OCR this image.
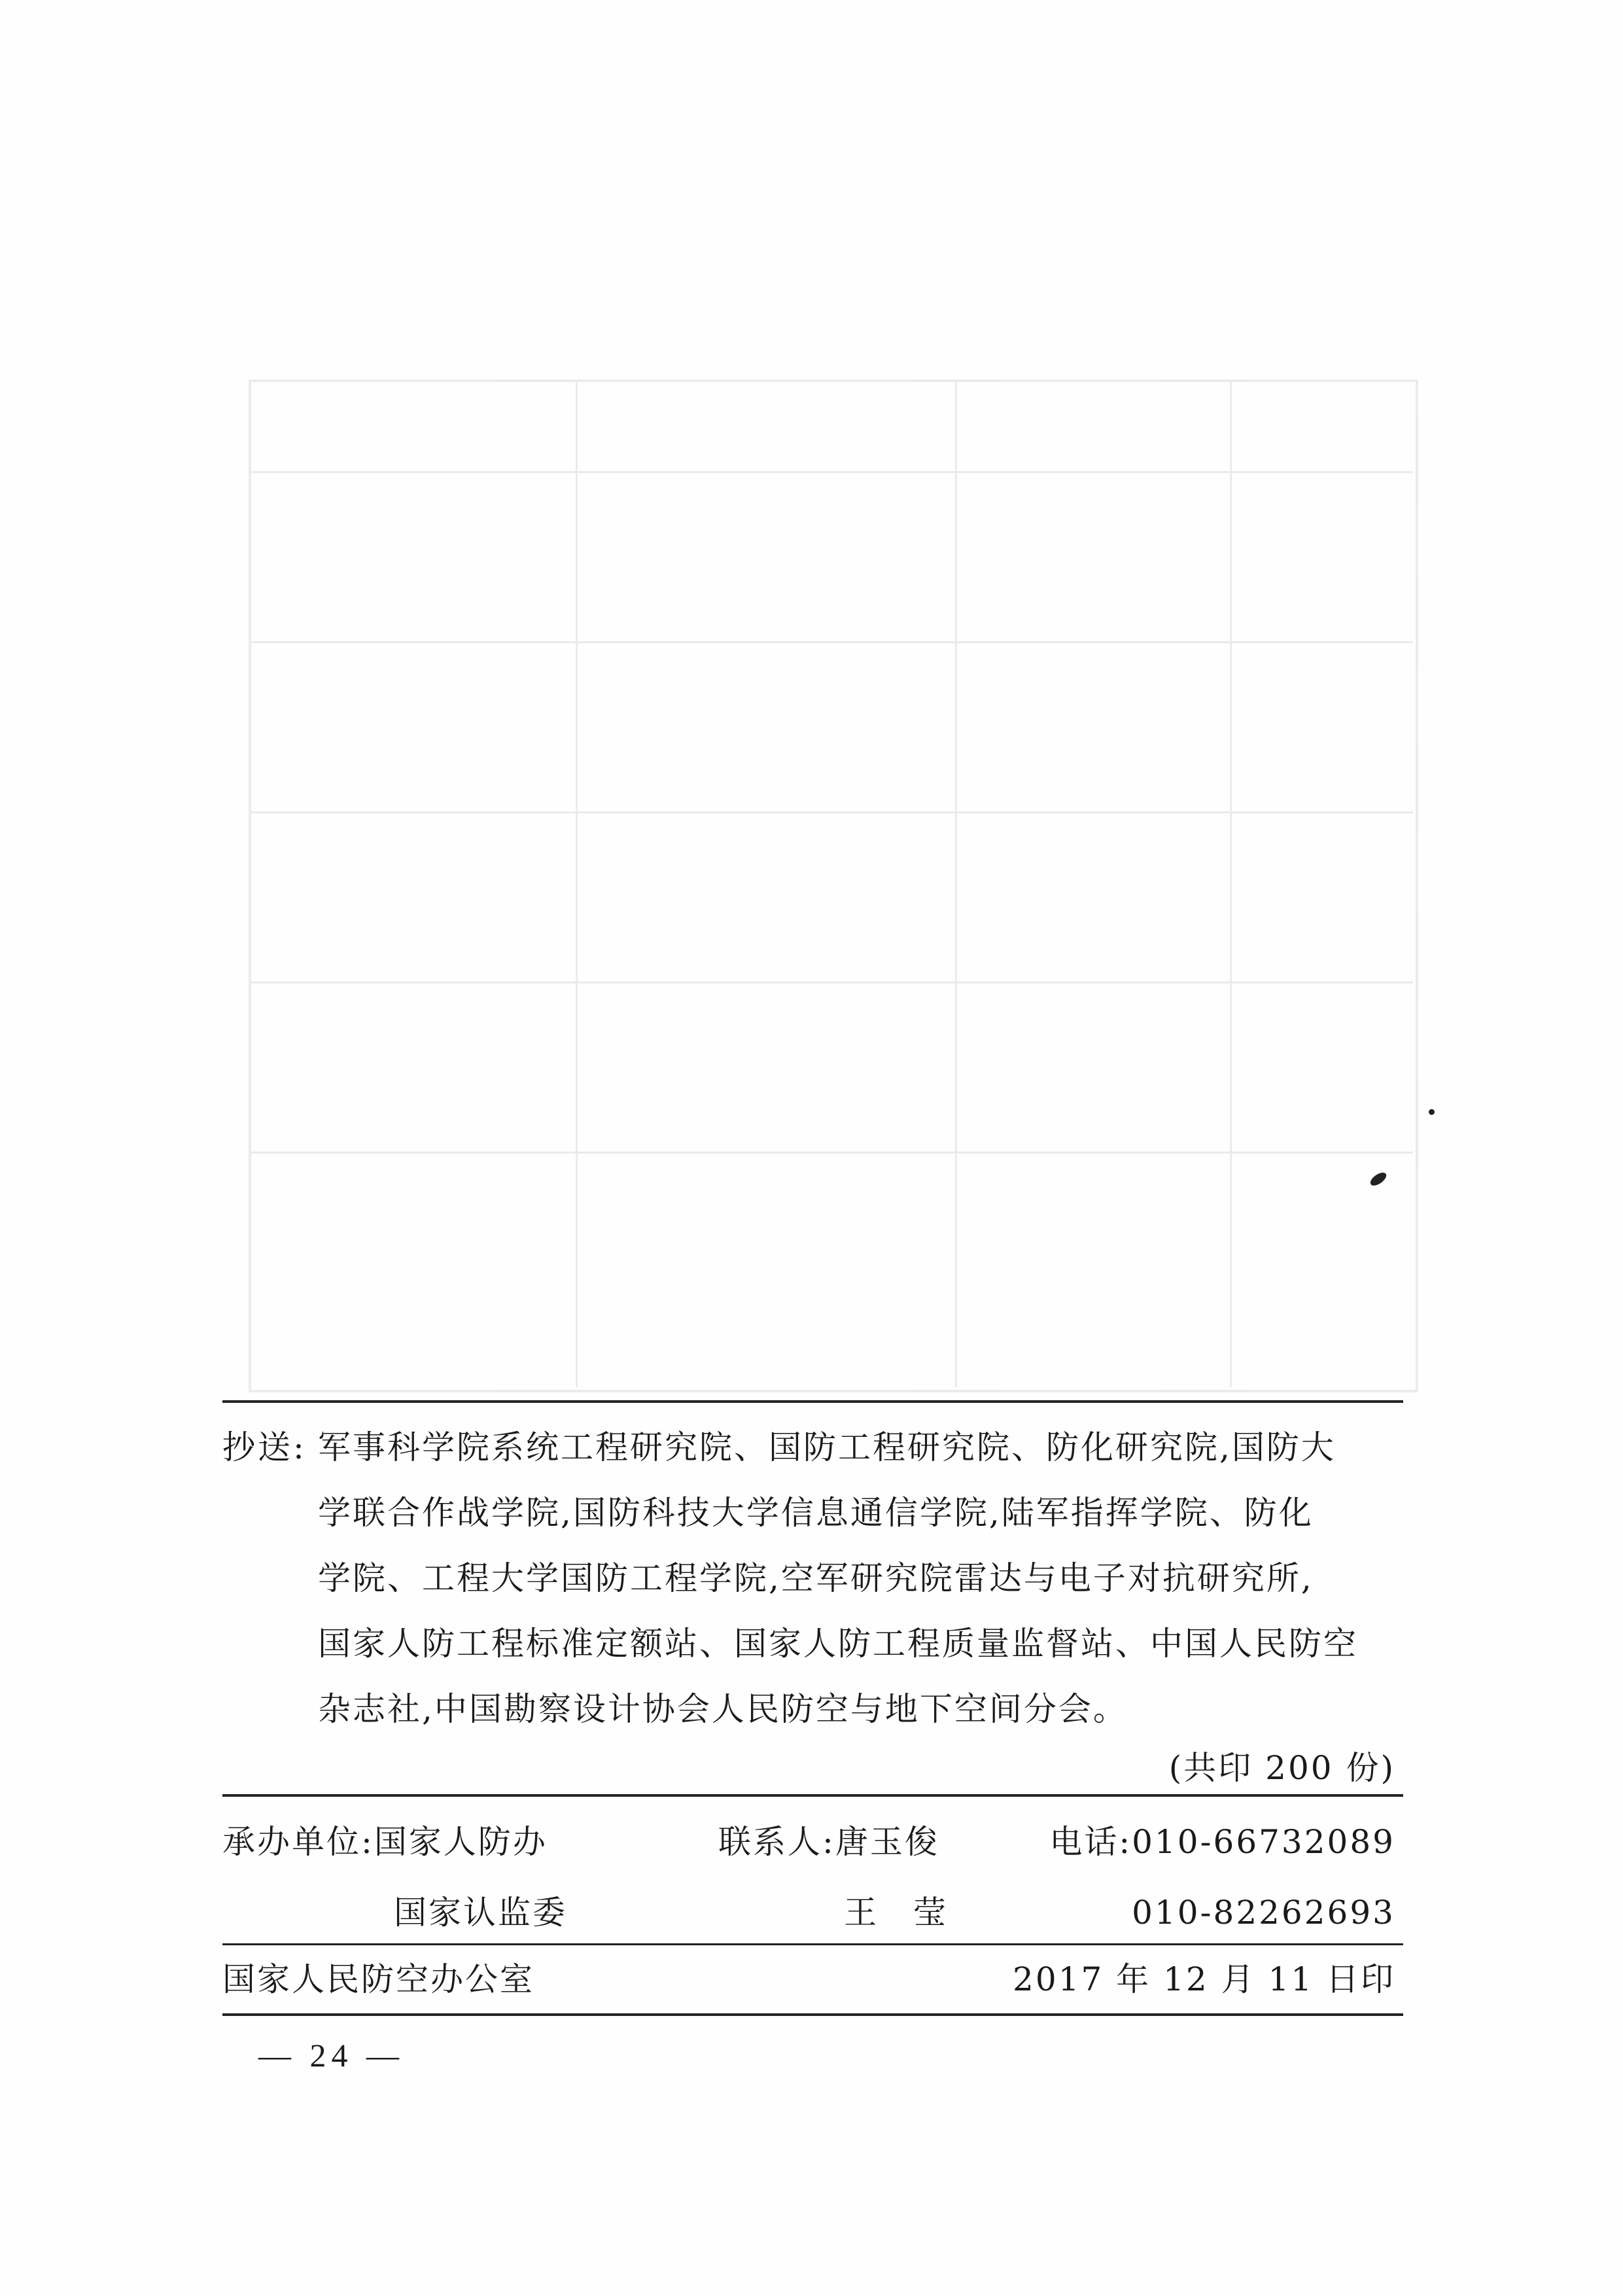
抄送: 军事科学院系统工程研究院、国防工程研究院、防化研究院,国防大
学联合作战学院,国防科技大学信息通信学院,陆军指挥学院、防化
学院、工程大学国防工程学院,空军研究院雷达与电子对抗研究所,
国家人防工程标准定额站、国家人防工程质量监督站、中国人民防空
杂志社,中国勘察设计协会人民防空与地下空间分会。
(共印 200 份)
承办单位:国家人防办	联系人:唐玉俊	电话:010-66732089
国家认监委	王　莹	010-82262693
国家人民防空办公室	2017 年 12 月 11 日印
— 24 —
